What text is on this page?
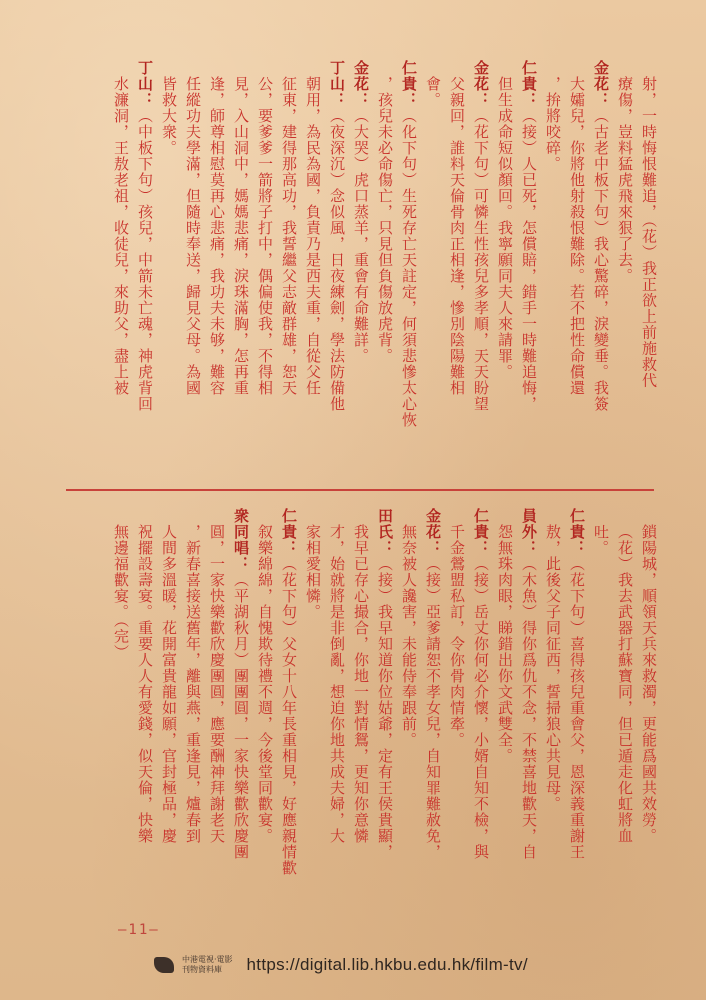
射，一時悔恨難追，（花）我正欲上前施救代
療傷，豈料猛虎飛來狠了去。
金花：（古老中板下句）我心驚碎，淚變垂。我簽
大孀兒，你將他射殺恨難除。若不把性命償還
，拚將咬碎。
仁貴：（接）人已死，怎償賠，錯手一時難追悔，
但生成命短似顏回。我寧願同夫人來請罪。
金花：（花下句）可憐生性孩兒多孝順，天天盼望
父親回，誰料天倫骨肉正相逢，慘別陰陽難相
會。
仁貴：（化下句）生死存亡天註定，何須悲慘太心恢
，孩兒未必命傷亡，只見但負傷放虎背。
金花：（大哭）虎口蒸羊，重會有命難詳。
丁山：（夜深沉）念似風，日夜練劍，學法防備他
朝用，為民為國，負責乃是西夫重，自從父任
征東，建得那高功，我誓繼父志敵群雄，恕天
公，要爹爹一箭將子打中，偶偏使我，不得相
見，入山洞中，媽媽悲痛，淚珠滿胸，怎再重
逢，師尊相慰莫再心悲痛，我功夫未够，難容
任縱功夫學滿，但隨時奉送，歸見父母。為國
皆救大衆。
丁山：（中板下句）孩兒，中箭未亡魂，神虎背回
水濂洞，王敖老祖，收徒兒，來助父，盡上被
鎖陽城，順領天兵來救濁，更能爲國共效勞。
（花）我去武器打蘇寶同，但已遁走化虹將血
吐。
仁貴：（花下句）喜得孩兒重會父，恩深義重謝王
敖，此後父子同征西，誓掃狼心共見母。
員外：（木魚）得你爲仇不念，不禁喜地歡天，自
怨無珠肉眼，睇錯出你文武雙全。
仁貴：（接）岳丈你何必介懷，小婿自知不檢，與
千金鶯盟私訂，令你骨肉情牽。
金花：（接）亞爹請恕不孝女兒，自知罪難赦免，
無奈被人讒害，未能侍奉跟前。
田氏：（接）我早知道你位姑爺，定有王侯貴顯，
我早已存心撮合，你地一對情鴛，更知你意憐
才，始就將是非倒亂，想迫你地共成夫婦，大
家相愛相憐。
仁貴：（花下句）父女十八年長重相見，好應親情歡
叙樂綿綿，自愧欺待禮不週，今後堂同歡宴。
衆同唱：（平湖秋月）團團圓，一家快樂歡欣慶團
圓，一家快樂歡欣慶團圓，應要酬神拜謝老天
，新春喜接送舊年，離與燕，重逢見，爐春到
人間多溫暖，花開富貴龍如願，官封極品，慶
祝擺設壽宴。重要人人有愛錢，似天倫，快樂
無邊福歡宴。（完）
—11—
中港電視·電影
刊物資料庫	https://digital.lib.hkbu.edu.hk/film-tv/
